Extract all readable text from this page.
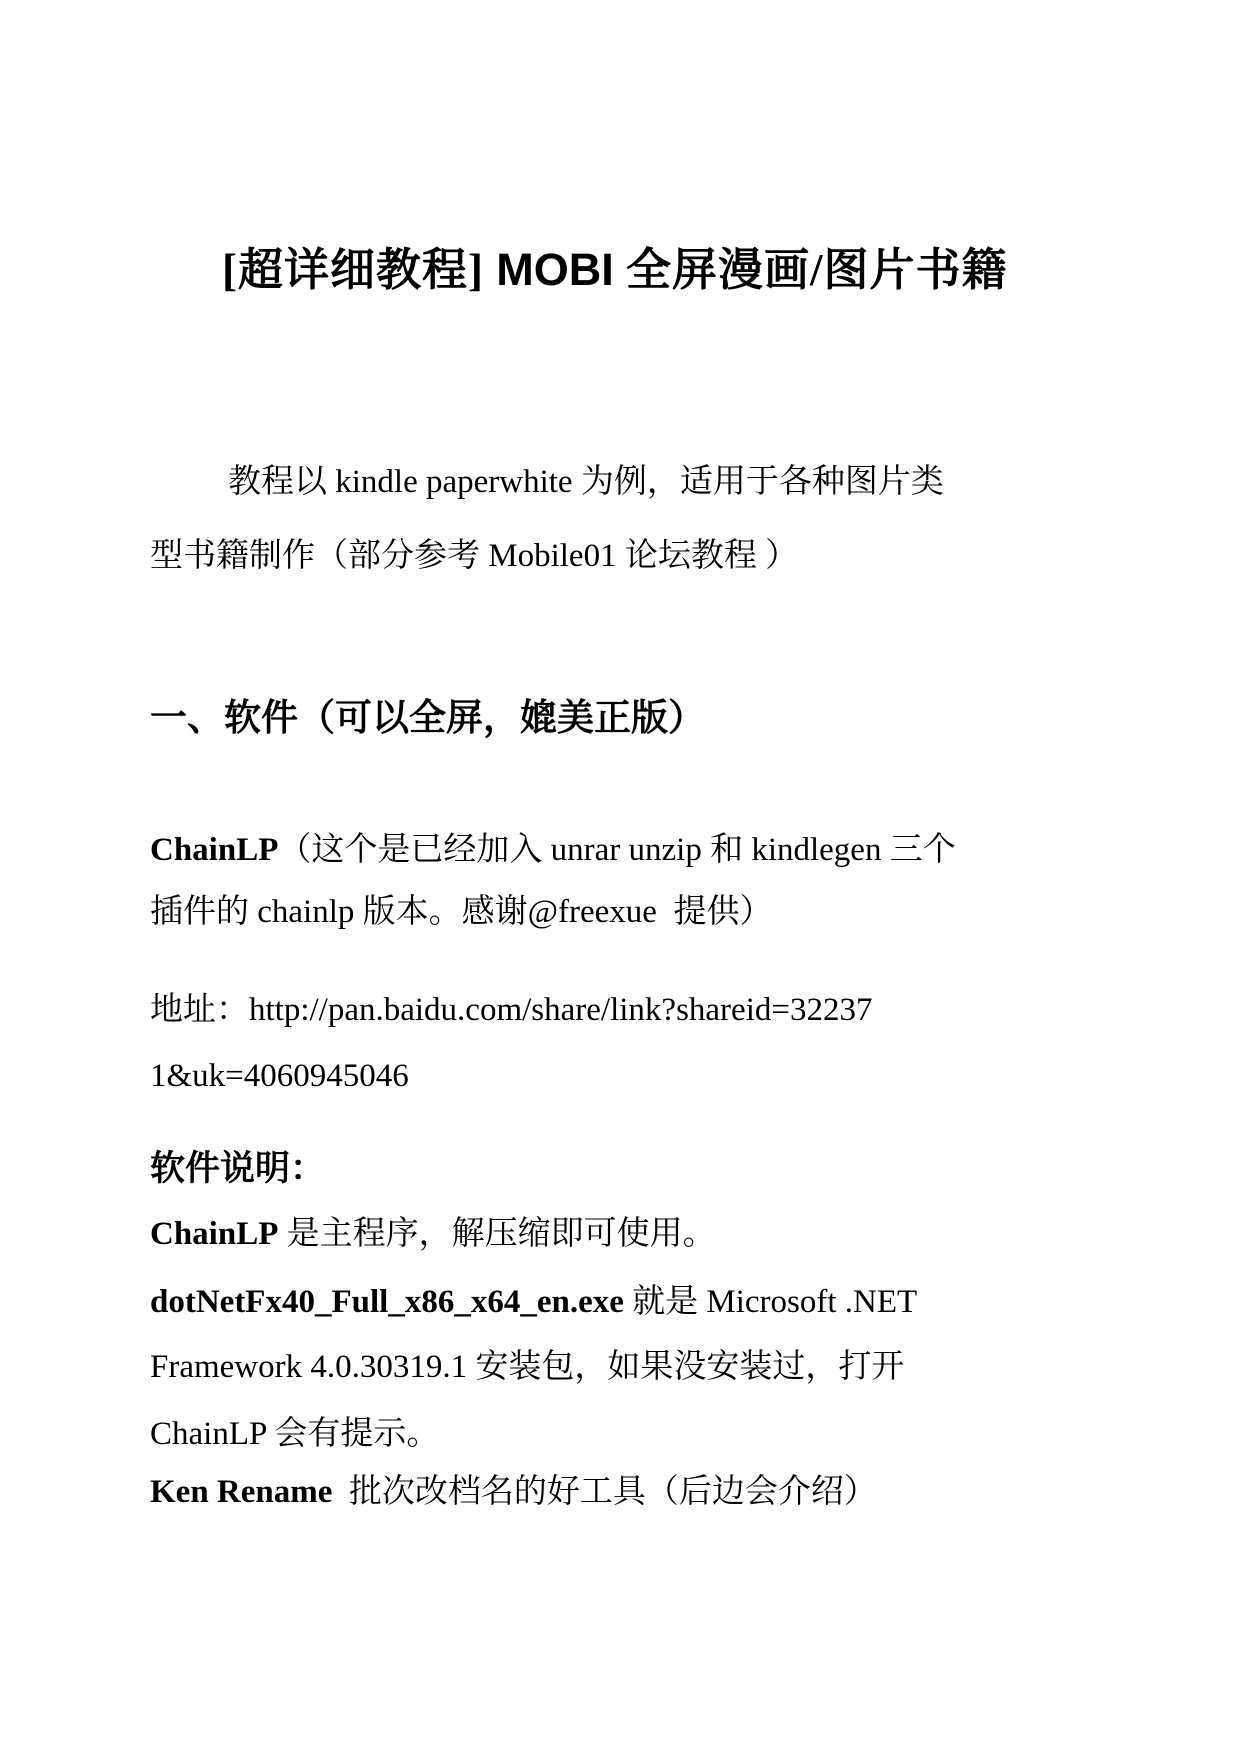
[超详细教程] MOBI 全屏漫画/图片书籍
教程以 kindle paperwhite 为例，适用于各种图片类
型书籍制作（部分参考 Mobile01 论坛教程 ）
一、软件（可以全屏，媲美正版）
ChainLP（这个是已经加入 unrar unzip 和 kindlegen 三个
插件的 chainlp 版本。感谢@freexue  提供）
地址：http://pan.baidu.com/share/link?shareid=32237
1&uk=4060945046
软件说明：
ChainLP 是主程序，解压缩即可使用。
dotNetFx40_Full_x86_x64_en.exe 就是 Microsoft .NET
Framework 4.0.30319.1 安装包，如果没安装过，打开
ChainLP 会有提示。
Ken Rename  批次改档名的好工具（后边会介绍）
